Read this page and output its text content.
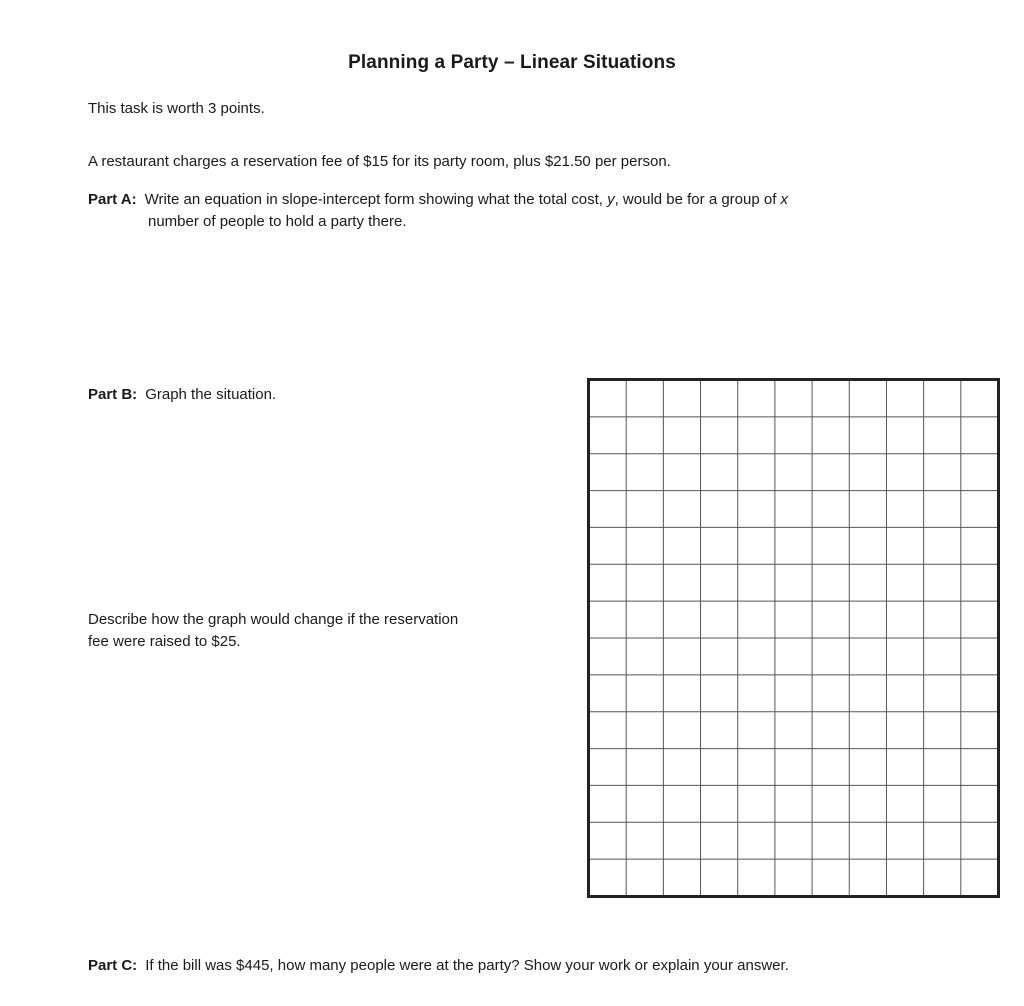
Planning a Party – Linear Situations
This task is worth 3 points.
A restaurant charges a reservation fee of $15 for its party room, plus $21.50 per person.
Part A: Write an equation in slope-intercept form showing what the total cost, y, would be for a group of x
number of people to hold a party there.
Part B: Graph the situation.
Describe how the graph would change if the reservation
fee were raised to $25.
Part C: If the bill was $445, how many people were at the party? Show your work or explain your answer.
